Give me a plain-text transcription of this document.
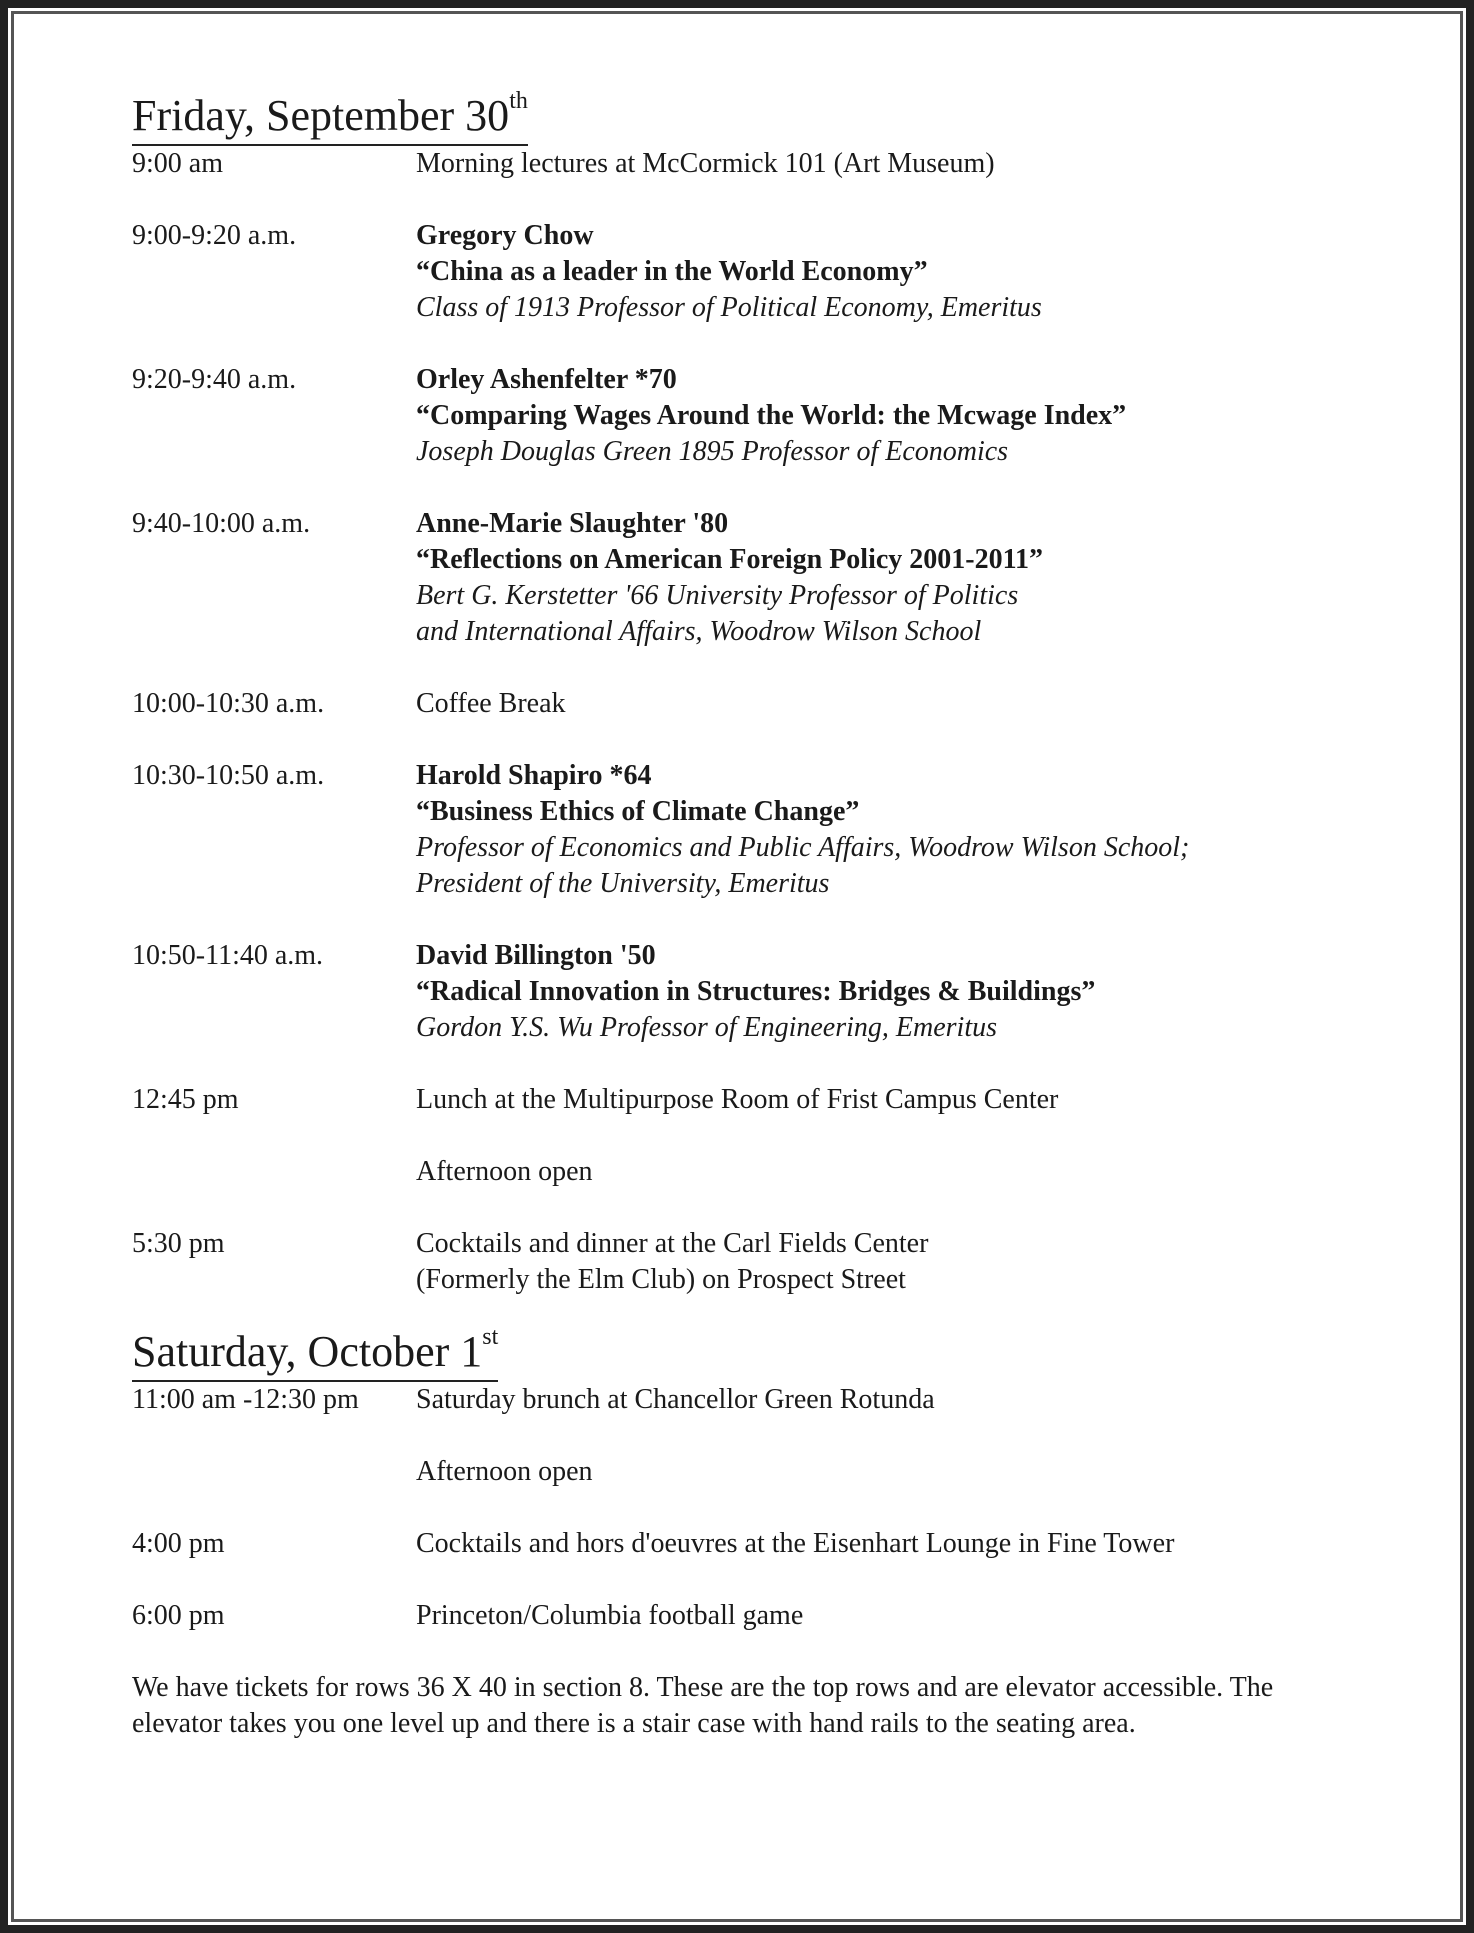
Friday, September 30th
9:00 am	Morning lectures at McCormick 101 (Art Museum)
9:00-9:20 a.m.	Gregory Chow
“China as a leader in the World Economy”
Class of 1913 Professor of Political Economy, Emeritus
9:20-9:40 a.m.	Orley Ashenfelter *70
“Comparing Wages Around the World: the Mcwage Index”
Joseph Douglas Green 1895 Professor of Economics
9:40-10:00 a.m.	Anne-Marie Slaughter '80
“Reflections on American Foreign Policy 2001-2011”
Bert G. Kerstetter '66 University Professor of Politics
and International Affairs, Woodrow Wilson School
10:00-10:30 a.m.	Coffee Break
10:30-10:50 a.m.	Harold Shapiro *64
“Business Ethics of Climate Change”
Professor of Economics and Public Affairs, Woodrow Wilson School;
President of the University, Emeritus
10:50-11:40 a.m.	David Billington '50
“Radical Innovation in Structures: Bridges & Buildings”
Gordon Y.S. Wu Professor of Engineering, Emeritus
12:45 pm	Lunch at the Multipurpose Room of Frist Campus Center
Afternoon open
5:30 pm	Cocktails and dinner at the Carl Fields Center
(Formerly the Elm Club) on Prospect Street
Saturday, October 1st
11:00 am -12:30 pm	Saturday brunch at Chancellor Green Rotunda
Afternoon open
4:00 pm	Cocktails and hors d'oeuvres at the Eisenhart Lounge in Fine Tower
6:00 pm	Princeton/Columbia football game
We have tickets for rows 36 X 40 in section 8. These are the top rows and are elevator accessible. The elevator takes you one level up and there is a stair case with hand rails to the seating area.
